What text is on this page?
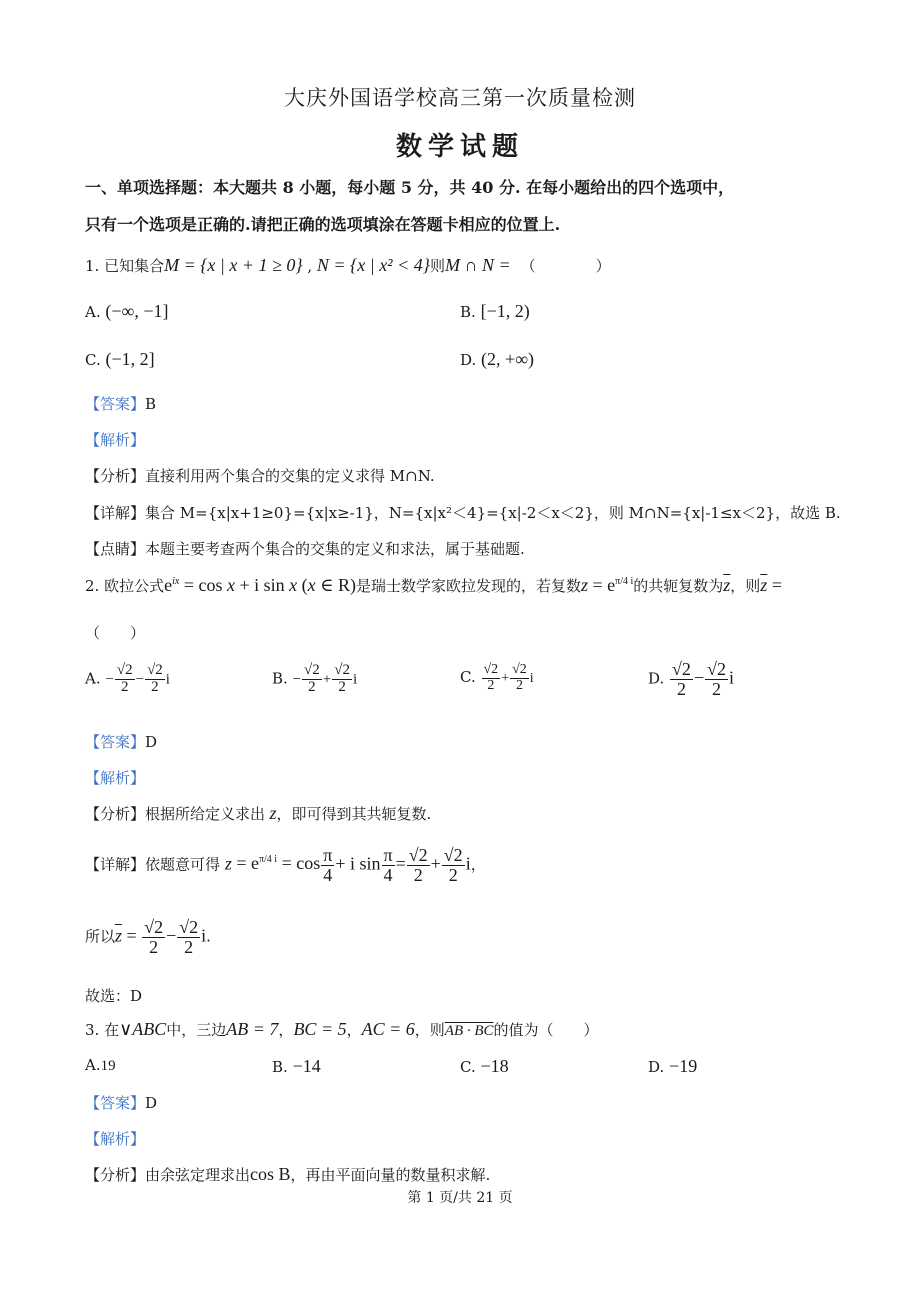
大庆外国语学校高三第一次质量检测
数学试题
一、单项选择题：本大题共 8 小题，每小题 5 分，共 40 分. 在每小题给出的四个选项中，
只有一个选项是正确的.请把正确的选项填涂在答题卡相应的位置上.
1. 已知集合M = {x | x + 1 ≥ 0} , N = {x | x² < 4}则M ∩ N = （　　　　）
A. (−∞, −1]	B. [−1, 2)
C. (−1, 2]	D. (2, +∞)
【答案】B
【解析】
【分析】直接利用两个集合的交集的定义求得 M∩N.
【详解】集合 M={x|x+1≥0}={x|x≥-1}，N={x|x²＜4}={x|-2＜x＜2}，则 M∩N={x|-1≤x＜2}，故选 B.
【点睛】本题主要考查两个集合的交集的定义和求法，属于基础题.
2. 欧拉公式$e^{ix} = \cos x + i$ sin x (x ∈ R)是瑞士数学家欧拉发现的，若复数$z = e^{\pi/4 i}$的共轭复数为$\overline{z}$，则$\overline{z}$ =
（　　）
A. − $\frac{√2}{2} - \frac{√2}{2}$ i	B. − $\frac{√2}{2} + \frac{√2}{2}$ i	C. $\frac{√2}{2} + \frac{√2}{2}$ i	D. $\frac{√2}{2} - \frac{√2}{2}$ i
【答案】D
【解析】
【分析】根据所给定义求出 z，即可得到其共轭复数.
【详解】依题意可得 $z = e^{\pi/4 i} = \cos \frac{\pi}{4} + i$ $\sin \frac{\pi}{4} = \frac{√2}{2} + \frac{√2}{2}$ i，
所以$\overline{z} = \frac{√2}{2} - \frac{√2}{2} i$.
故选：D
3. 在∨ABC中，三边AB = 7，BC = 5，AC = 6，则AB · BC的值为（　　）
A.19	B. −14	C. −18	D. −19
【答案】D
【解析】
【分析】由余弦定理求出cos B，再由平面向量的数量积求解.
第 1 页/共 21 页
